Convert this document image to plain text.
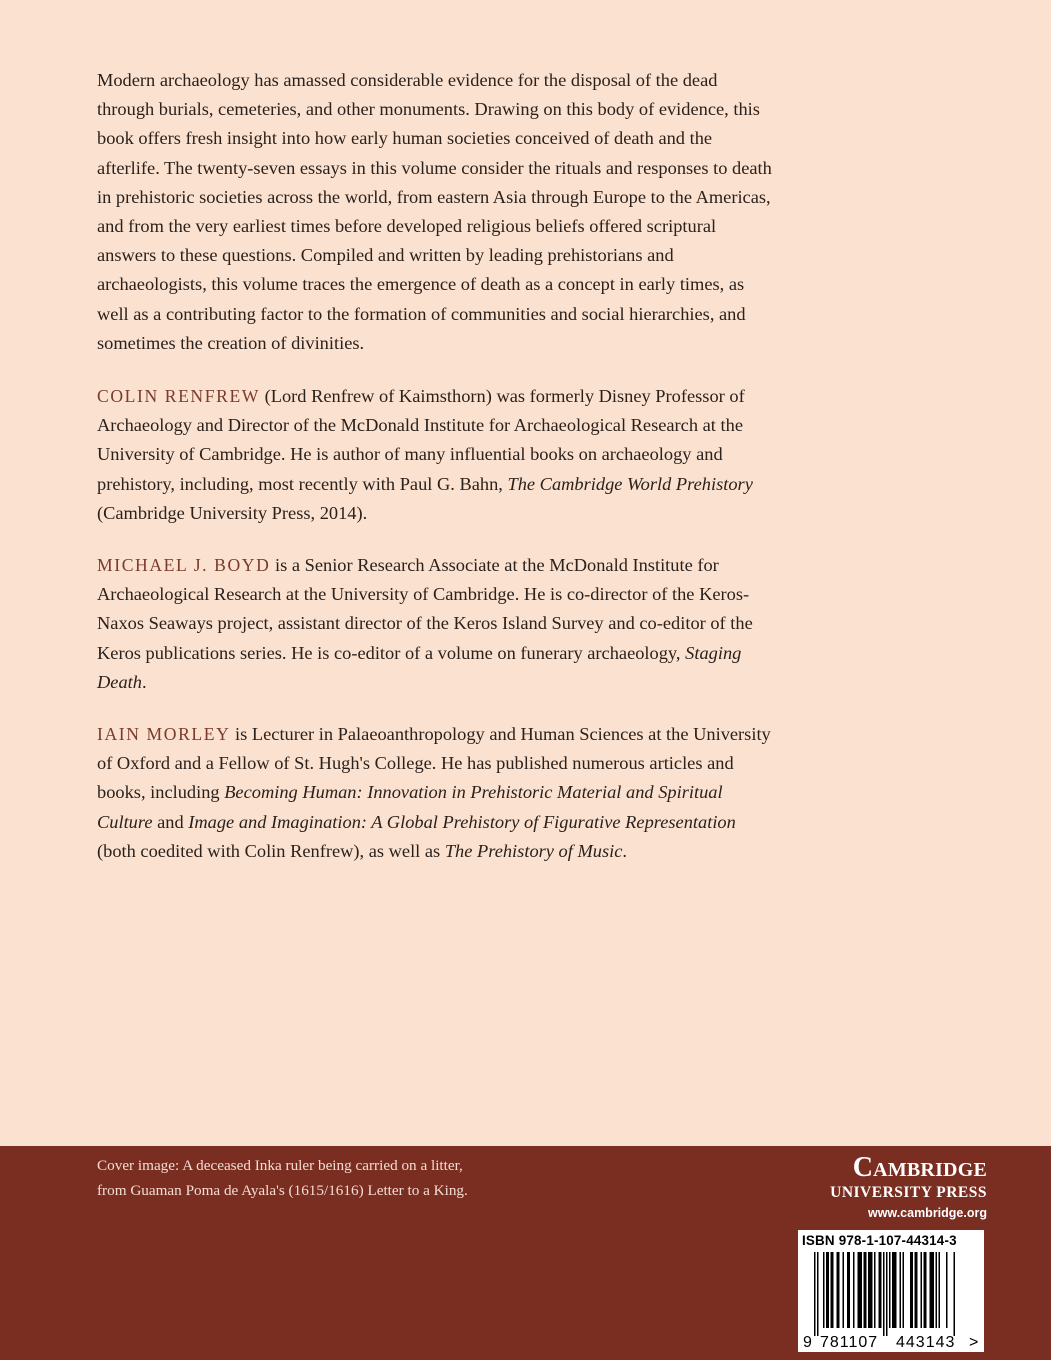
Modern archaeology has amassed considerable evidence for the disposal of the dead through burials, cemeteries, and other monuments. Drawing on this body of evidence, this book offers fresh insight into how early human societies conceived of death and the afterlife. The twenty-seven essays in this volume consider the rituals and responses to death in prehistoric societies across the world, from eastern Asia through Europe to the Americas, and from the very earliest times before developed religious beliefs offered scriptural answers to these questions. Compiled and written by leading prehistorians and archaeologists, this volume traces the emergence of death as a concept in early times, as well as a contributing factor to the formation of communities and social hierarchies, and sometimes the creation of divinities.

COLIN RENFREW (Lord Renfrew of Kaimsthorn) was formerly Disney Professor of Archaeology and Director of the McDonald Institute for Archaeological Research at the University of Cambridge. He is author of many influential books on archaeology and prehistory, including, most recently with Paul G. Bahn, The Cambridge World Prehistory (Cambridge University Press, 2014).

MICHAEL J. BOYD is a Senior Research Associate at the McDonald Institute for Archaeological Research at the University of Cambridge. He is co-director of the Keros-Naxos Seaways project, assistant director of the Keros Island Survey and co-editor of the Keros publications series. He is co-editor of a volume on funerary archaeology, Staging Death.

IAIN MORLEY is Lecturer in Palaeoanthropology and Human Sciences at the University of Oxford and a Fellow of St. Hugh's College. He has published numerous articles and books, including Becoming Human: Innovation in Prehistoric Material and Spiritual Culture and Image and Imagination: A Global Prehistory of Figurative Representation (both coedited with Colin Renfrew), as well as The Prehistory of Music.

Cover image: A deceased Inka ruler being carried on a litter, from Guaman Poma de Ayala's (1615/1616) Letter to a King.
Cambridge
UNIVERSITY PRESS
www.cambridge.org
ISBN 978-1-107-44314-3
9 781107 443143 >
